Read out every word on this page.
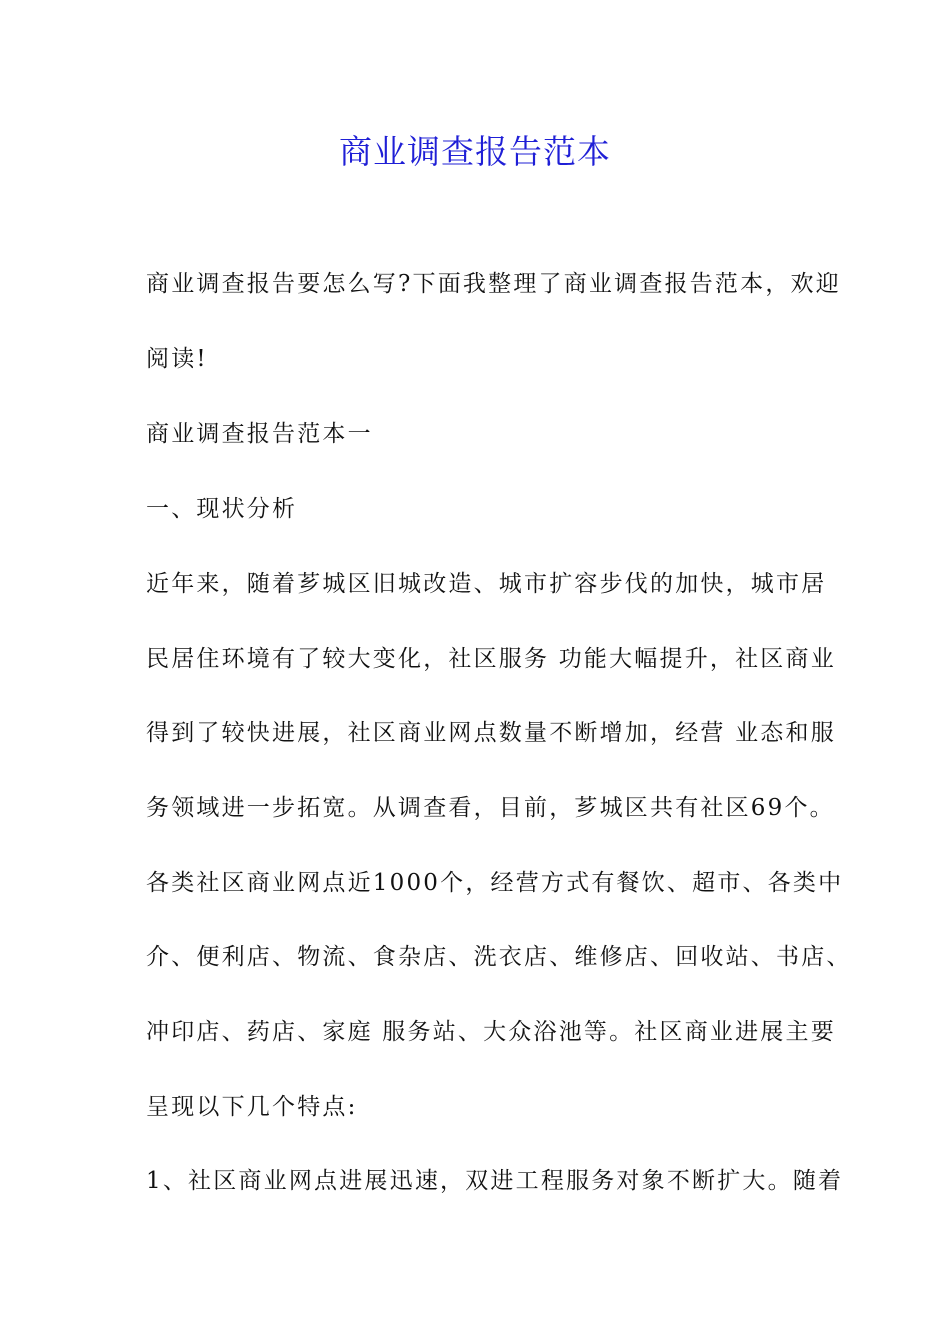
商业调查报告范本

商业调查报告要怎么写?下面我整理了商业调查报告范本，欢迎

阅读!

商业调查报告范本一

一、现状分析

近年来，随着芗城区旧城改造、城市扩容步伐的加快，城市居

民居住环境有了较大变化，社区服务 功能大幅提升，社区商业

得到了较快进展，社区商业网点数量不断增加，经营 业态和服

务领域进一步拓宽。从调查看，目前，芗城区共有社区69个。

各类社区商业网点近1000个，经营方式有餐饮、超市、各类中

介、便利店、物流、食杂店、洗衣店、维修店、回收站、书店、

冲印店、药店、家庭 服务站、大众浴池等。社区商业进展主要

呈现以下几个特点:

1、社区商业网点进展迅速，双进工程服务对象不断扩大。随着
